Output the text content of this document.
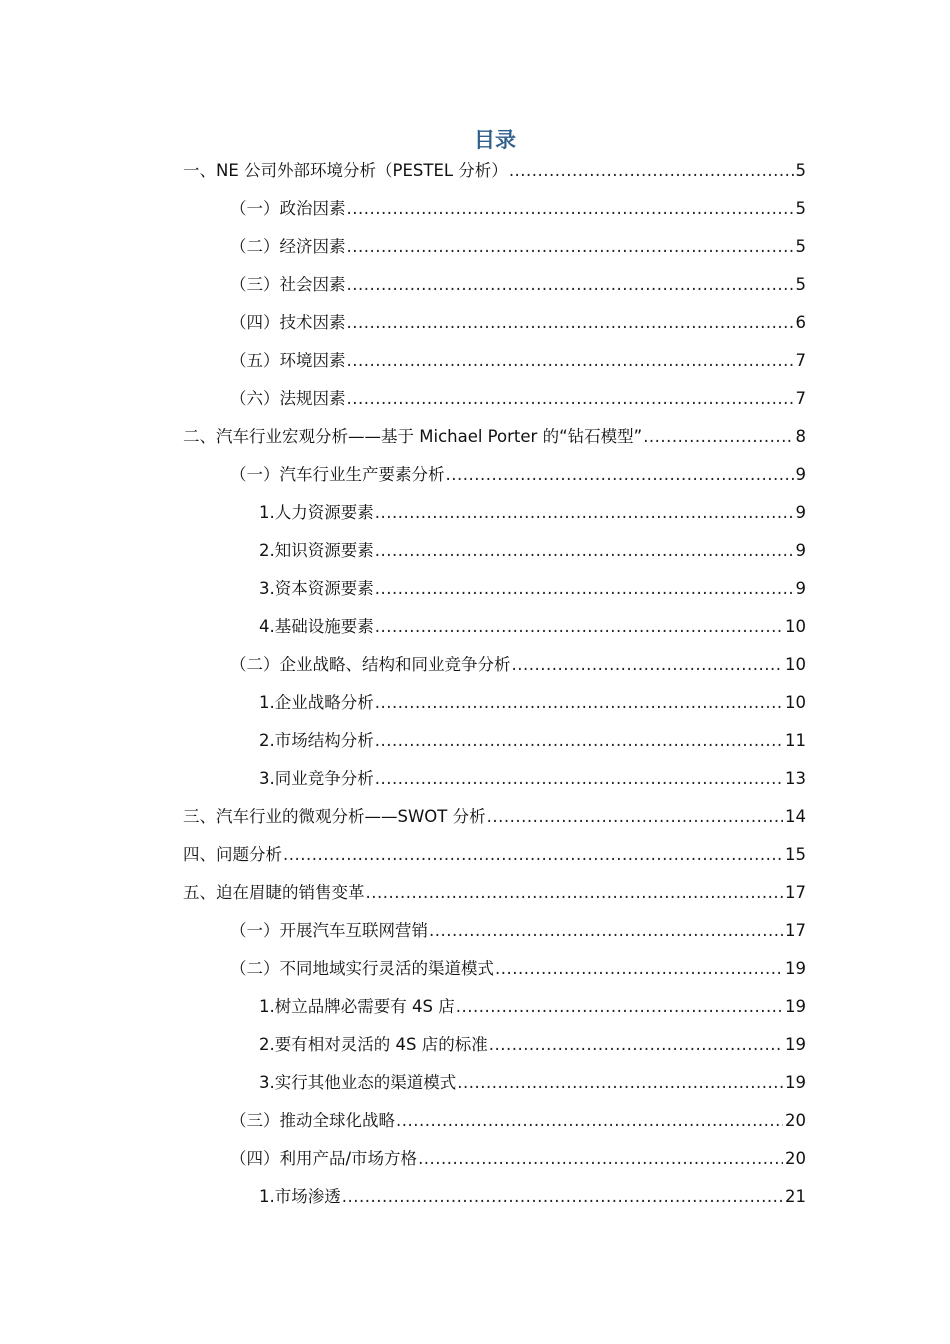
目录
一、NE 公司外部环境分析（PESTEL 分析） .....	5
（一）政治因素 .....	5
（二）经济因素 .....	5
（三）社会因素 .....	5
（四）技术因素 .....	6
（五）环境因素 .....	7
（六）法规因素 .....	7
二、汽车行业宏观分析——基于 Michael Porter 的“钻石模型” .....	8
（一）汽车行业生产要素分析 .....	9
1.人力资源要素 .....	9
2.知识资源要素 .....	9
3.资本资源要素 .....	9
4.基础设施要素 .....	10
（二）企业战略、结构和同业竞争分析 .....	10
1.企业战略分析 .....	10
2.市场结构分析 .....	11
3.同业竞争分析 .....	13
三、汽车行业的微观分析——SWOT 分析 .....	14
四、问题分析 .....	15
五、迫在眉睫的销售变革 .....	17
（一）开展汽车互联网营销 .....	17
（二）不同地域实行灵活的渠道模式 .....	19
1.树立品牌必需要有 4S 店 .....	19
2.要有相对灵活的 4S 店的标准 .....	19
3.实行其他业态的渠道模式 .....	19
（三）推动全球化战略 .....	20
（四）利用产品/市场方格 .....	20
1.市场渗透 .....	21
